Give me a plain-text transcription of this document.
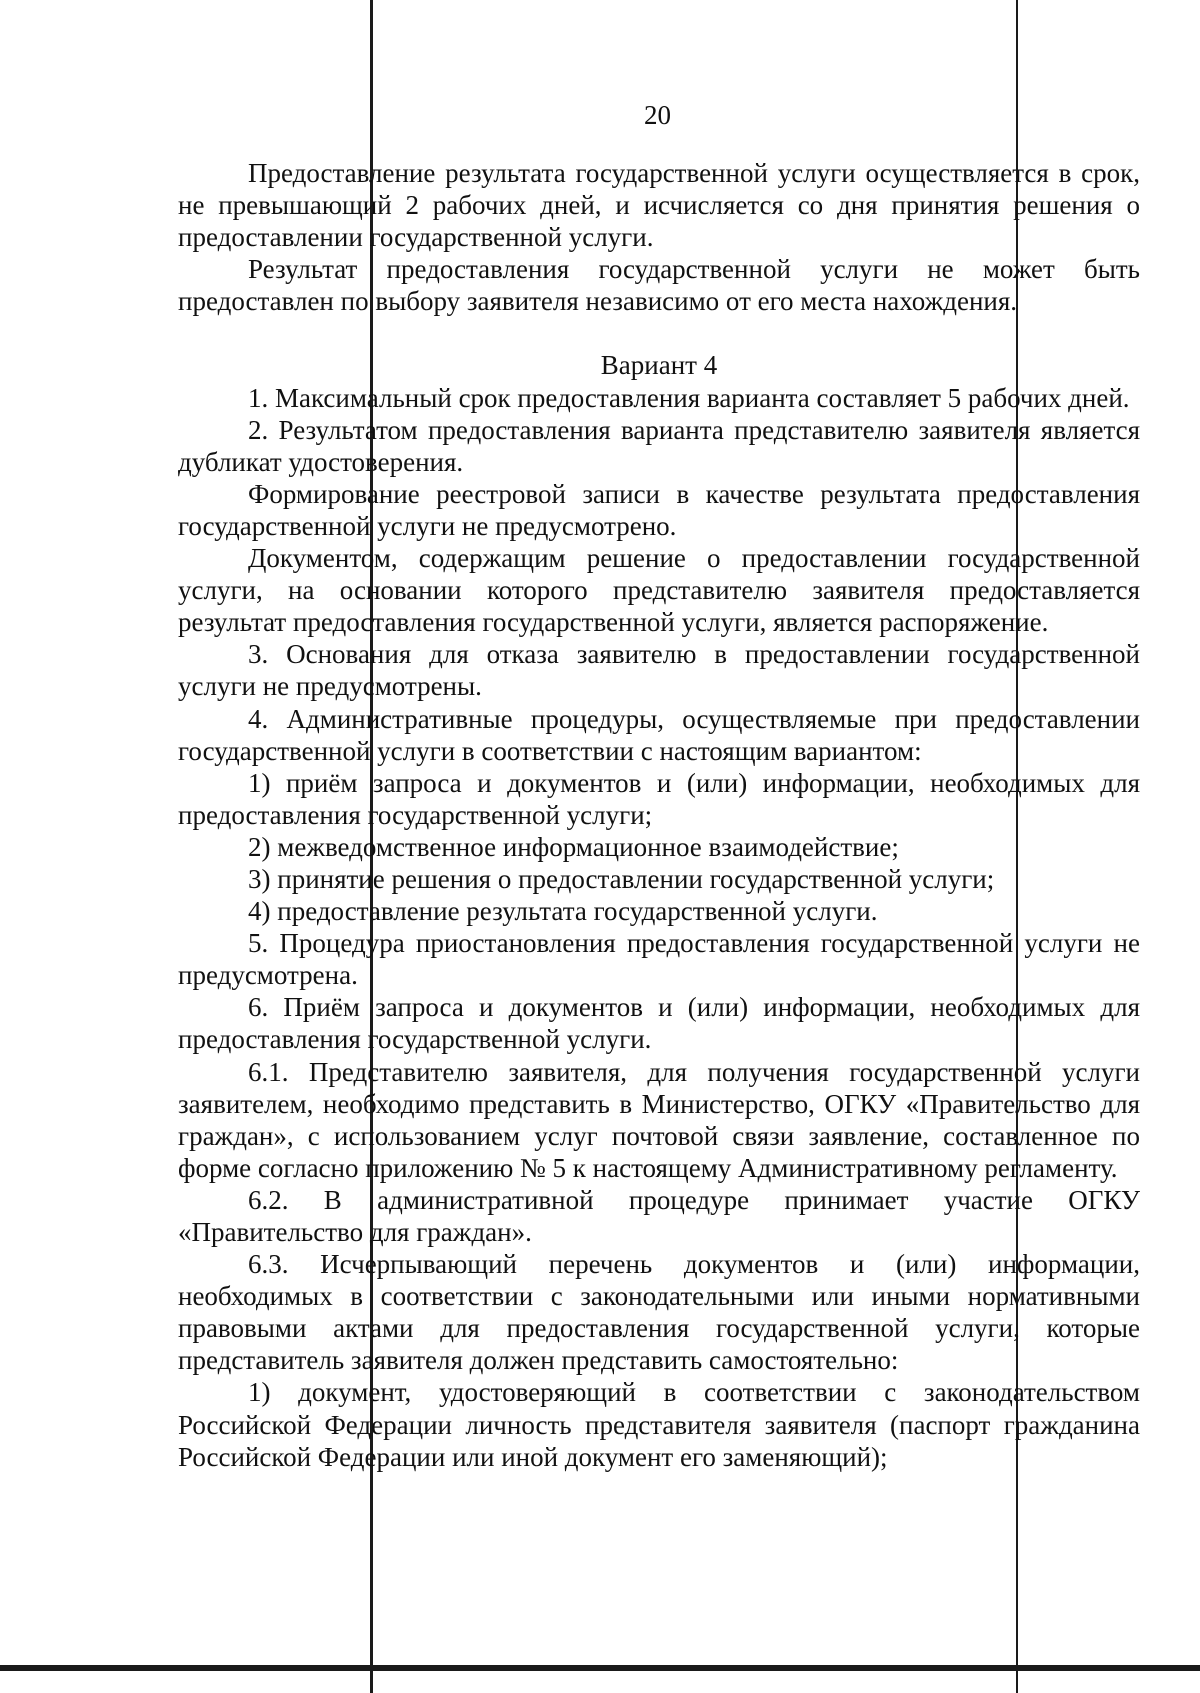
20

Предоставление результата государственной услуги осуществляется в срок, не превышающий 2 рабочих дней, и исчисляется со дня принятия решения о предоставлении государственной услуги.

Результат предоставления государственной услуги не может быть предоставлен по выбору заявителя независимо от его места нахождения.

Вариант 4

1. Максимальный срок предоставления варианта составляет 5 рабочих дней.

2. Результатом предоставления варианта представителю заявителя является дубликат удостоверения.

Формирование реестровой записи в качестве результата предоставления государственной услуги не предусмотрено.

Документом, содержащим решение о предоставлении государственной услуги, на основании которого представителю заявителя предоставляется результат предоставления государственной услуги, является распоряжение.

3. Основания для отказа заявителю в предоставлении государственной услуги не предусмотрены.

4. Административные процедуры, осуществляемые при предоставлении государственной услуги в соответствии с настоящим вариантом:

1) приём запроса и документов и (или) информации, необходимых для предоставления государственной услуги;

2) межведомственное информационное взаимодействие;

3) принятие решения о предоставлении государственной услуги;

4) предоставление результата государственной услуги.

5. Процедура приостановления предоставления государственной услуги не предусмотрена.

6. Приём запроса и документов и (или) информации, необходимых для предоставления государственной услуги.

6.1. Представителю заявителя, для получения государственной услуги заявителем, необходимо представить в Министерство, ОГКУ «Правительство для граждан», с использованием услуг почтовой связи заявление, составленное по форме согласно приложению № 5 к настоящему Административному регламенту.

6.2. В административной процедуре принимает участие ОГКУ «Правительство для граждан».

6.3. Исчерпывающий перечень документов и (или) информации, необходимых в соответствии с законодательными или иными нормативными правовыми актами для предоставления государственной услуги, которые представитель заявителя должен представить самостоятельно:

1) документ, удостоверяющий в соответствии с законодательством Российской Федерации личность представителя заявителя (паспорт гражданина Российской Федерации или иной документ его заменяющий);
